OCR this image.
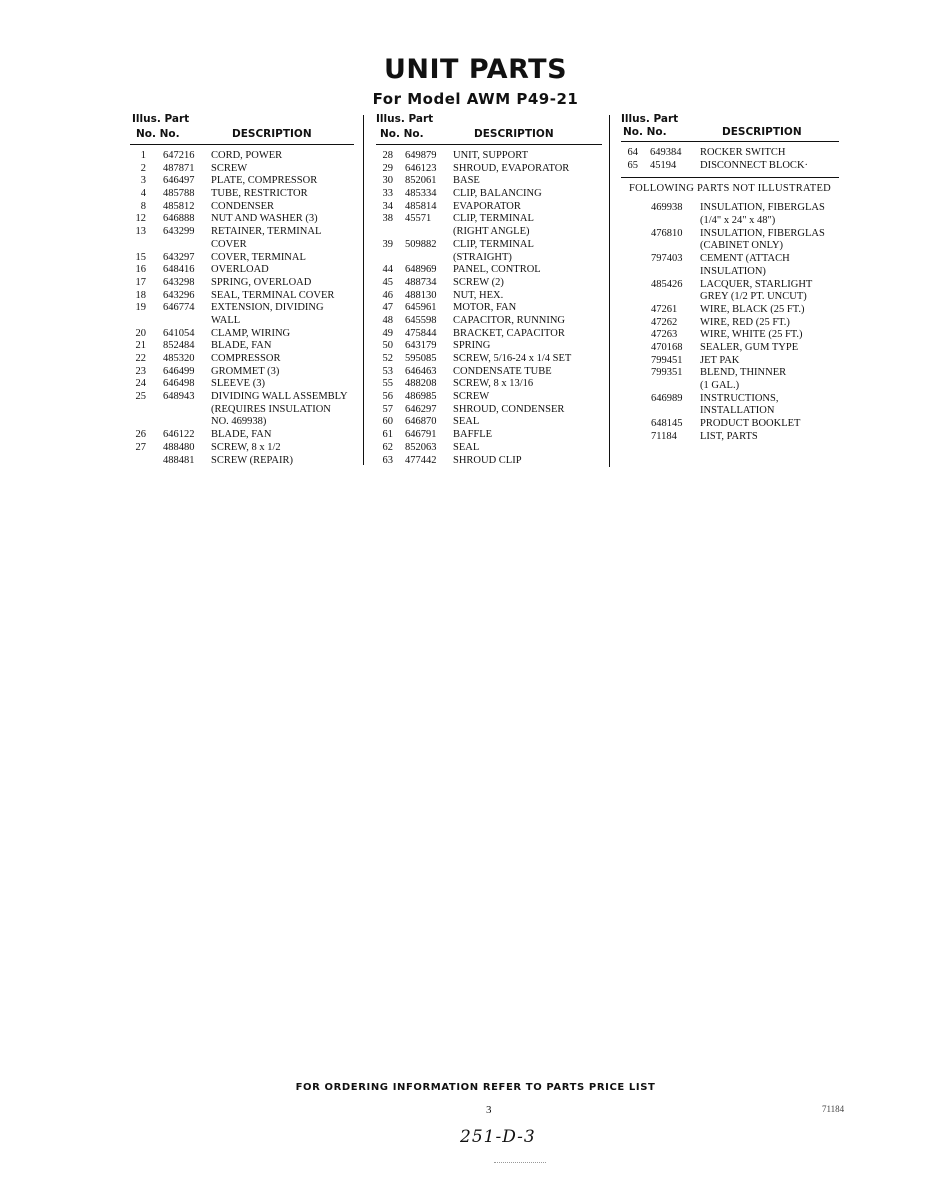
UNIT PARTS
For Model AWM P49-21
Illus. Part
No. No.	DESCRIPTION
1 647216 CORD, POWER
2 487871 SCREW
3 646497 PLATE, COMPRESSOR
4 485788 TUBE, RESTRICTOR
8 485812 CONDENSER
12 646888 NUT AND WASHER (3)
13 643299 RETAINER, TERMINAL
COVER
15 643297 COVER, TERMINAL
16 648416 OVERLOAD
17 643298 SPRING, OVERLOAD
18 643296 SEAL, TERMINAL COVER
19 646774 EXTENSION, DIVIDING
WALL
20 641054 CLAMP, WIRING
21 852484 BLADE, FAN
22 485320 COMPRESSOR
23 646499 GROMMET (3)
24 646498 SLEEVE (3)
25 648943 DIVIDING WALL ASSEMBLY
(REQUIRES INSULATION
NO. 469938)
26 646122 BLADE, FAN
27 488480 SCREW, 8 x 1/2
488481 SCREW (REPAIR)
Illus. Part
No. No.	DESCRIPTION
28 649879 UNIT, SUPPORT
29 646123 SHROUD, EVAPORATOR
30 852061 BASE
33 485334 CLIP, BALANCING
34 485814 EVAPORATOR
38 45571 CLIP, TERMINAL
(RIGHT ANGLE)
39 509882 CLIP, TERMINAL
(STRAIGHT)
44 648969 PANEL, CONTROL
45 488734 SCREW (2)
46 488130 NUT, HEX.
47 645961 MOTOR, FAN
48 645598 CAPACITOR, RUNNING
49 475844 BRACKET, CAPACITOR
50 643179 SPRING
52 595085 SCREW, 5/16-24 x 1/4 SET
53 646463 CONDENSATE TUBE
55 488208 SCREW, 8 x 13/16
56 486985 SCREW
57 646297 SHROUD, CONDENSER
60 646870 SEAL
61 646791 BAFFLE
62 852063 SEAL
63 477442 SHROUD CLIP
Illus. Part
No. No.	DESCRIPTION
64 649384 ROCKER SWITCH
65 45194 DISCONNECT BLOCK·
FOLLOWING PARTS NOT ILLUSTRATED
469938 INSULATION, FIBERGLAS
(1/4" x 24" x 48")
476810 INSULATION, FIBERGLAS
(CABINET ONLY)
797403 CEMENT (ATTACH
INSULATION)
485426 LACQUER, STARLIGHT
GREY (1/2 PT. UNCUT)
47261 WIRE, BLACK (25 FT.)
47262 WIRE, RED (25 FT.)
47263 WIRE, WHITE (25 FT.)
470168 SEALER, GUM TYPE
799451 JET PAK
799351 BLEND, THINNER
(1 GAL.)
646989 INSTRUCTIONS,
INSTALLATION
648145 PRODUCT BOOKLET
71184 LIST, PARTS
FOR ORDERING INFORMATION REFER TO PARTS PRICE LIST
3	71184
251-D-3
